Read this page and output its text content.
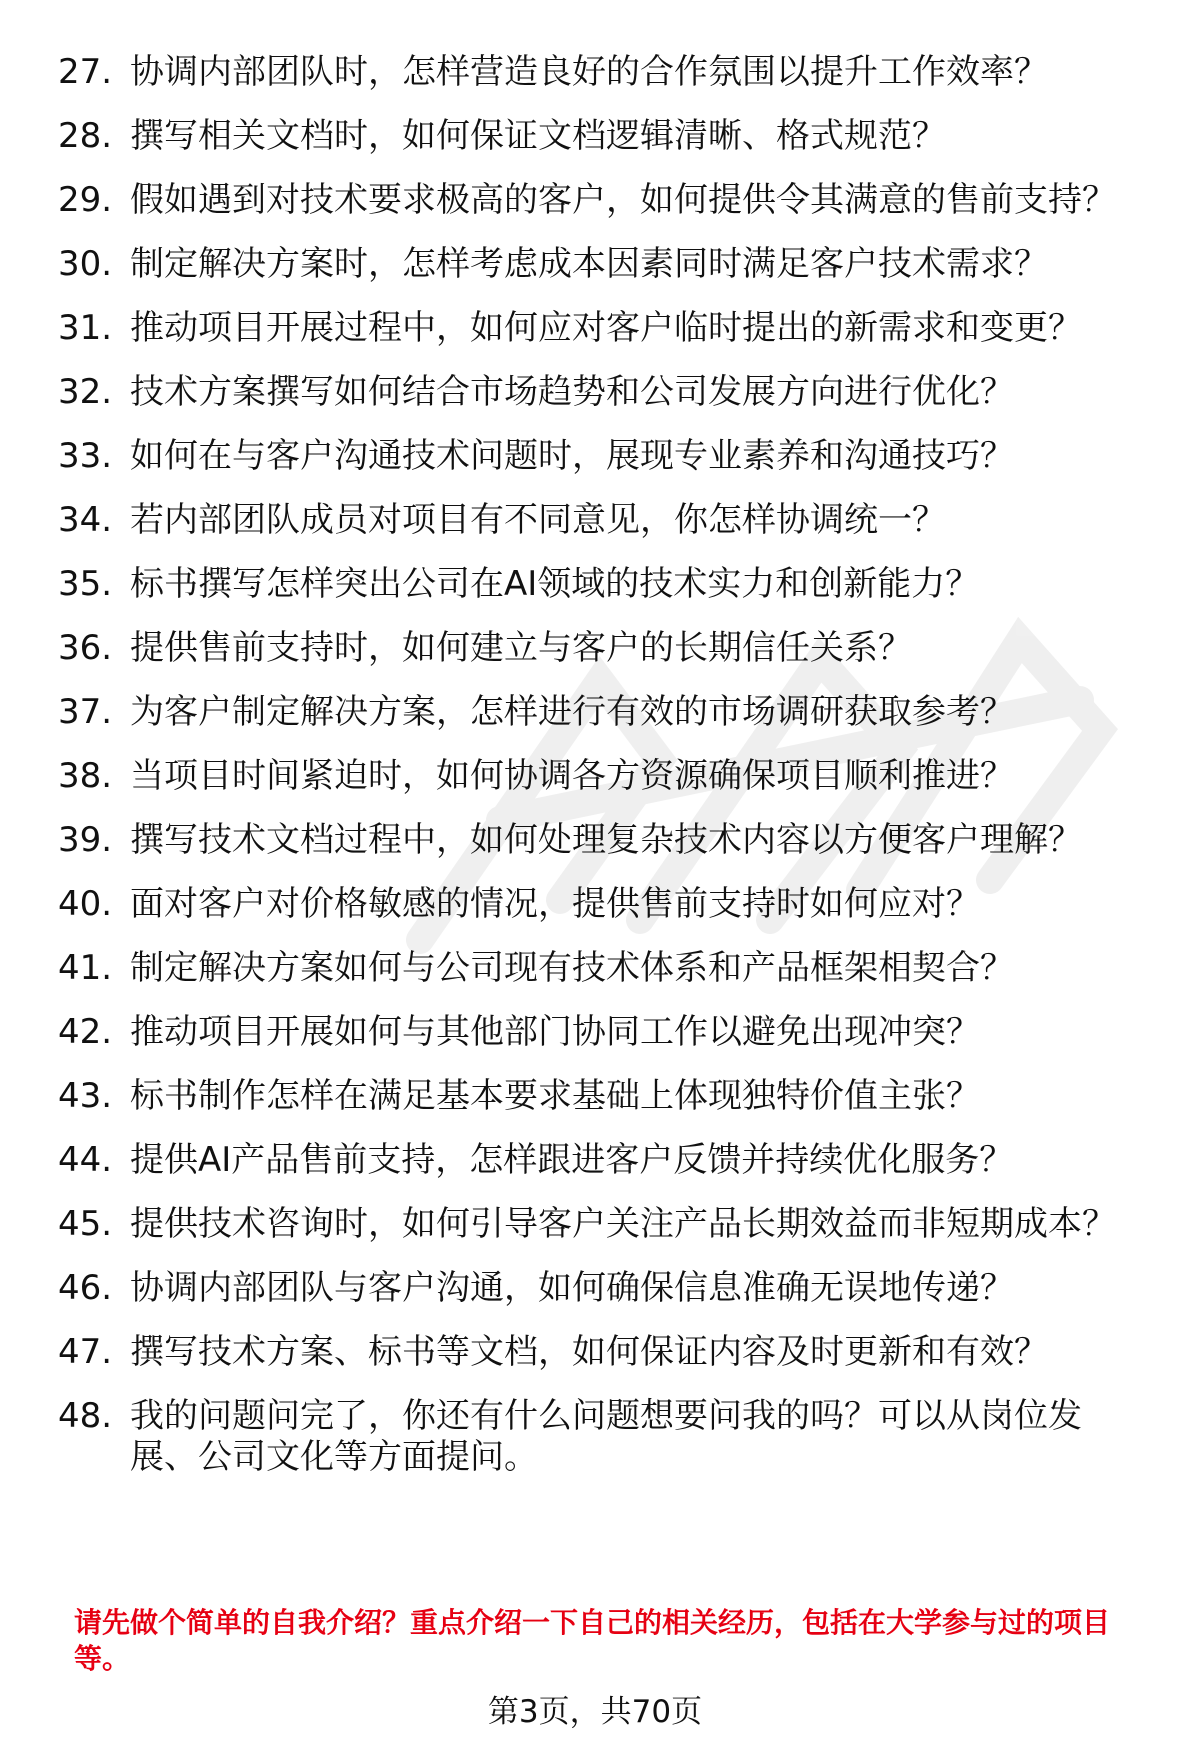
27. 协调内部团队时，怎样营造良好的合作氛围以提升工作效率？
28. 撰写相关文档时，如何保证文档逻辑清晰、格式规范？
29. 假如遇到对技术要求极高的客户，如何提供令其满意的售前支持？
30. 制定解决方案时，怎样考虑成本因素同时满足客户技术需求？
31. 推动项目开展过程中，如何应对客户临时提出的新需求和变更？
32. 技术方案撰写如何结合市场趋势和公司发展方向进行优化？
33. 如何在与客户沟通技术问题时，展现专业素养和沟通技巧？
34. 若内部团队成员对项目有不同意见，你怎样协调统一？
35. 标书撰写怎样突出公司在AI领域的技术实力和创新能力？
36. 提供售前支持时，如何建立与客户的长期信任关系？
37. 为客户制定解决方案，怎样进行有效的市场调研获取参考？
38. 当项目时间紧迫时，如何协调各方资源确保项目顺利推进？
39. 撰写技术文档过程中，如何处理复杂技术内容以方便客户理解？
40. 面对客户对价格敏感的情况，提供售前支持时如何应对？
41. 制定解决方案如何与公司现有技术体系和产品框架相契合？
42. 推动项目开展如何与其他部门协同工作以避免出现冲突？
43. 标书制作怎样在满足基本要求基础上体现独特价值主张？
44. 提供AI产品售前支持，怎样跟进客户反馈并持续优化服务？
45. 提供技术咨询时，如何引导客户关注产品长期效益而非短期成本？
46. 协调内部团队与客户沟通，如何确保信息准确无误地传递？
47. 撰写技术方案、标书等文档，如何保证内容及时更新和有效？
48. 我的问题问完了，你还有什么问题想要问我的吗？可以从岗位发展、公司文化等方面提问。
请先做个简单的自我介绍？重点介绍一下自己的相关经历，包括在大学参与过的项目等。
第3页，共70页
